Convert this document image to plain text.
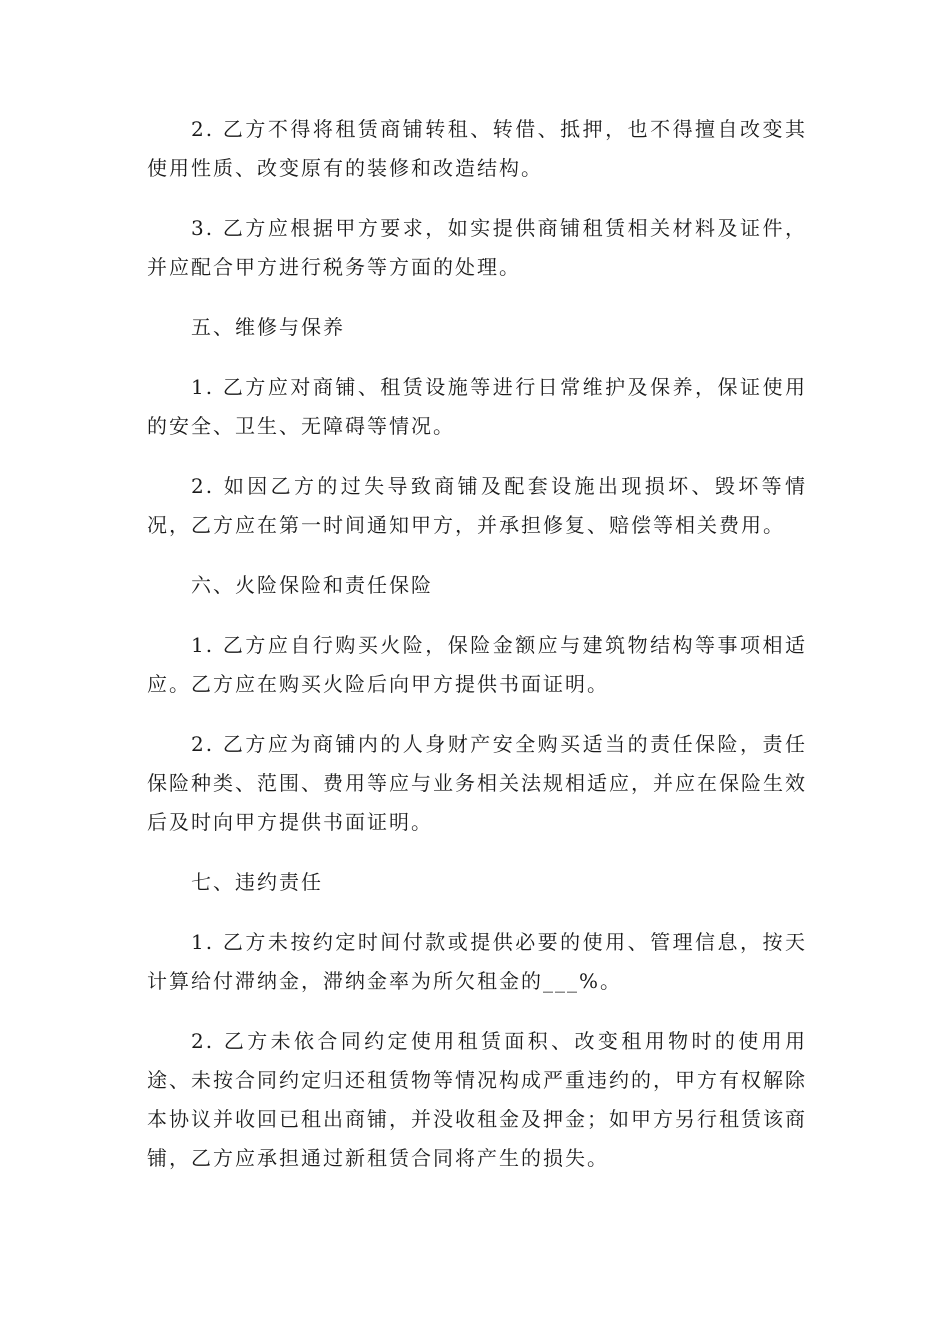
2. 乙方不得将租赁商铺转租、转借、抵押，也不得擅自改变其使用性质、改变原有的装修和改造结构。

3. 乙方应根据甲方要求，如实提供商铺租赁相关材料及证件，并应配合甲方进行税务等方面的处理。

五、维修与保养

1. 乙方应对商铺、租赁设施等进行日常维护及保养，保证使用的安全、卫生、无障碍等情况。

2. 如因乙方的过失导致商铺及配套设施出现损坏、毁坏等情况，乙方应在第一时间通知甲方，并承担修复、赔偿等相关费用。

六、火险保险和责任保险

1. 乙方应自行购买火险，保险金额应与建筑物结构等事项相适应。乙方应在购买火险后向甲方提供书面证明。

2. 乙方应为商铺内的人身财产安全购买适当的责任保险，责任保险种类、范围、费用等应与业务相关法规相适应，并应在保险生效后及时向甲方提供书面证明。

七、违约责任

1. 乙方未按约定时间付款或提供必要的使用、管理信息，按天计算给付滞纳金，滞纳金率为所欠租金的___%。

2. 乙方未依合同约定使用租赁面积、改变租用物时的使用用途、未按合同约定归还租赁物等情况构成严重违约的，甲方有权解除本协议并收回已租出商铺，并没收租金及押金；如甲方另行租赁该商铺，乙方应承担通过新租赁合同将产生的损失。
